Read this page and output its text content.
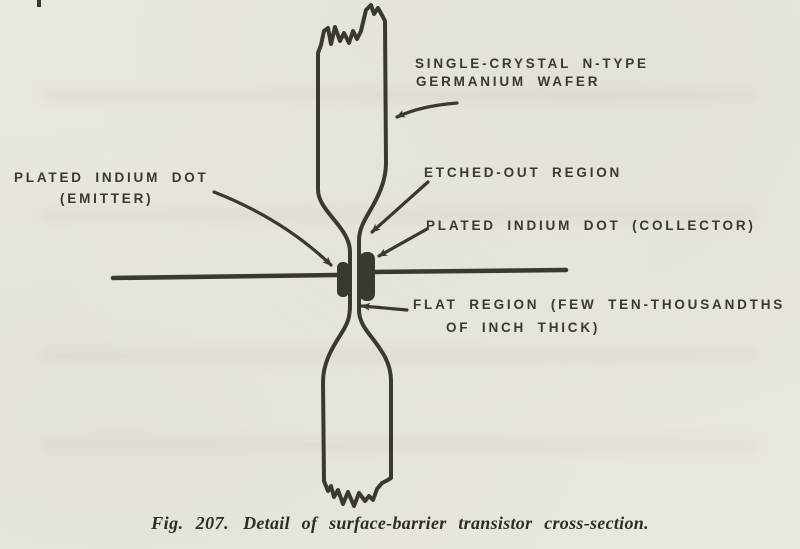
SINGLE-CRYSTAL N-TYPE
GERMANIUM WAFER
PLATED INDIUM DOT
(EMITTER)
ETCHED-OUT REGION
PLATED INDIUM DOT (COLLECTOR)
FLAT REGION (FEW TEN-THOUSANDTHS
OF INCH THICK)
Fig. 207. Detail of surface-barrier transistor cross-section.
